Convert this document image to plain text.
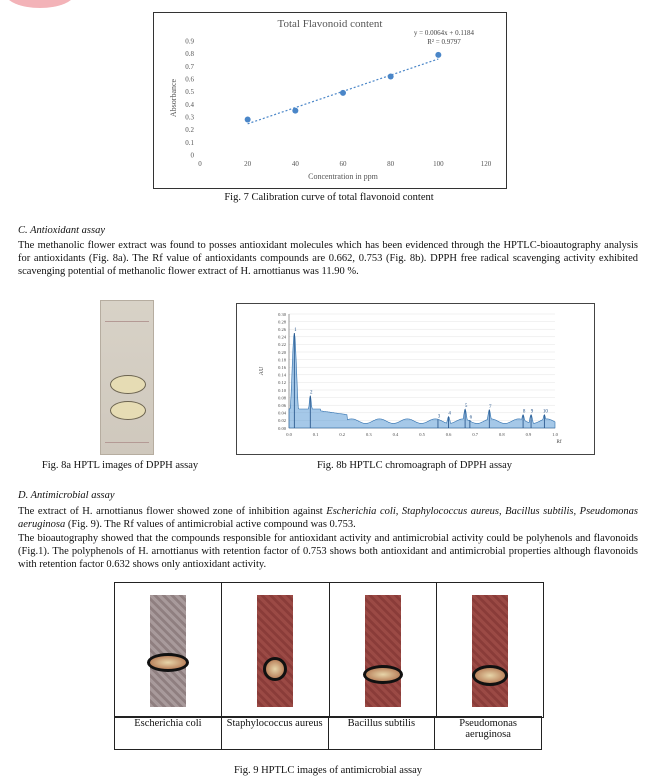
Total Flavonoid content
y = 0.0064x + 0.1184
R² = 0.9797
0
0.1
0.2
0.3
0.4
0.5
0.6
0.7
0.8
0.9
0	20	40	60	80	100	120
Concentration in ppm
Absorbance
Fig. 7 Calibration curve of total flavonoid content
C. Antioxidant assay
The methanolic flower extract was found to posses antioxidant molecules which has been evidenced through the HPTLC-bioautography analysis for antioxidants (Fig. 8a). The Rf value of antioxidants compounds are 0.662, 0.753 (Fig. 8b). DPPH free radical scavenging activity exhibited scavenging potential of methanolic flower extract of H. arnottianus was 11.90 %.
Fig. 8a HPTL images of DPPH assay
0.30
0.28
0.26
0.24
0.22
0.20
0.18
0.16
0.14
0.12
0.10
0.08
0.06
0.04
0.02
0.00
0.0	0.1	0.2	0.3	0.4	0.5	0.6	0.7	0.8	0.9	1.0
AU
Rf
1
2
3
4
5
6
7
8 9 10
Fig. 8b HPTLC chromoagraph of DPPH assay
D. Antimicrobial assay
The extract of H. arnottianus flower showed zone of inhibition against Escherichia coli, Staphylococcus aureus, Bacillus subtilis, Pseudomonas aeruginosa (Fig. 9). The Rf values of antimicrobial active compound was 0.753.
The bioautography showed that the compounds responsible for antioxidant activity and antimicrobial activity could be polyhenols and flavonoids (Fig.1). The polyphenols of H. arnottianus with retention factor of 0.753 shows both antioxidant and antimicrobial properties although flavonoids with retention factor 0.632 shows only antioxidant activity.
Escherichia coli	Staphylococcus aureus	Bacillus subtilis	Pseudomonas aeruginosa
Fig. 9 HPTLC images of antimicrobial assay
